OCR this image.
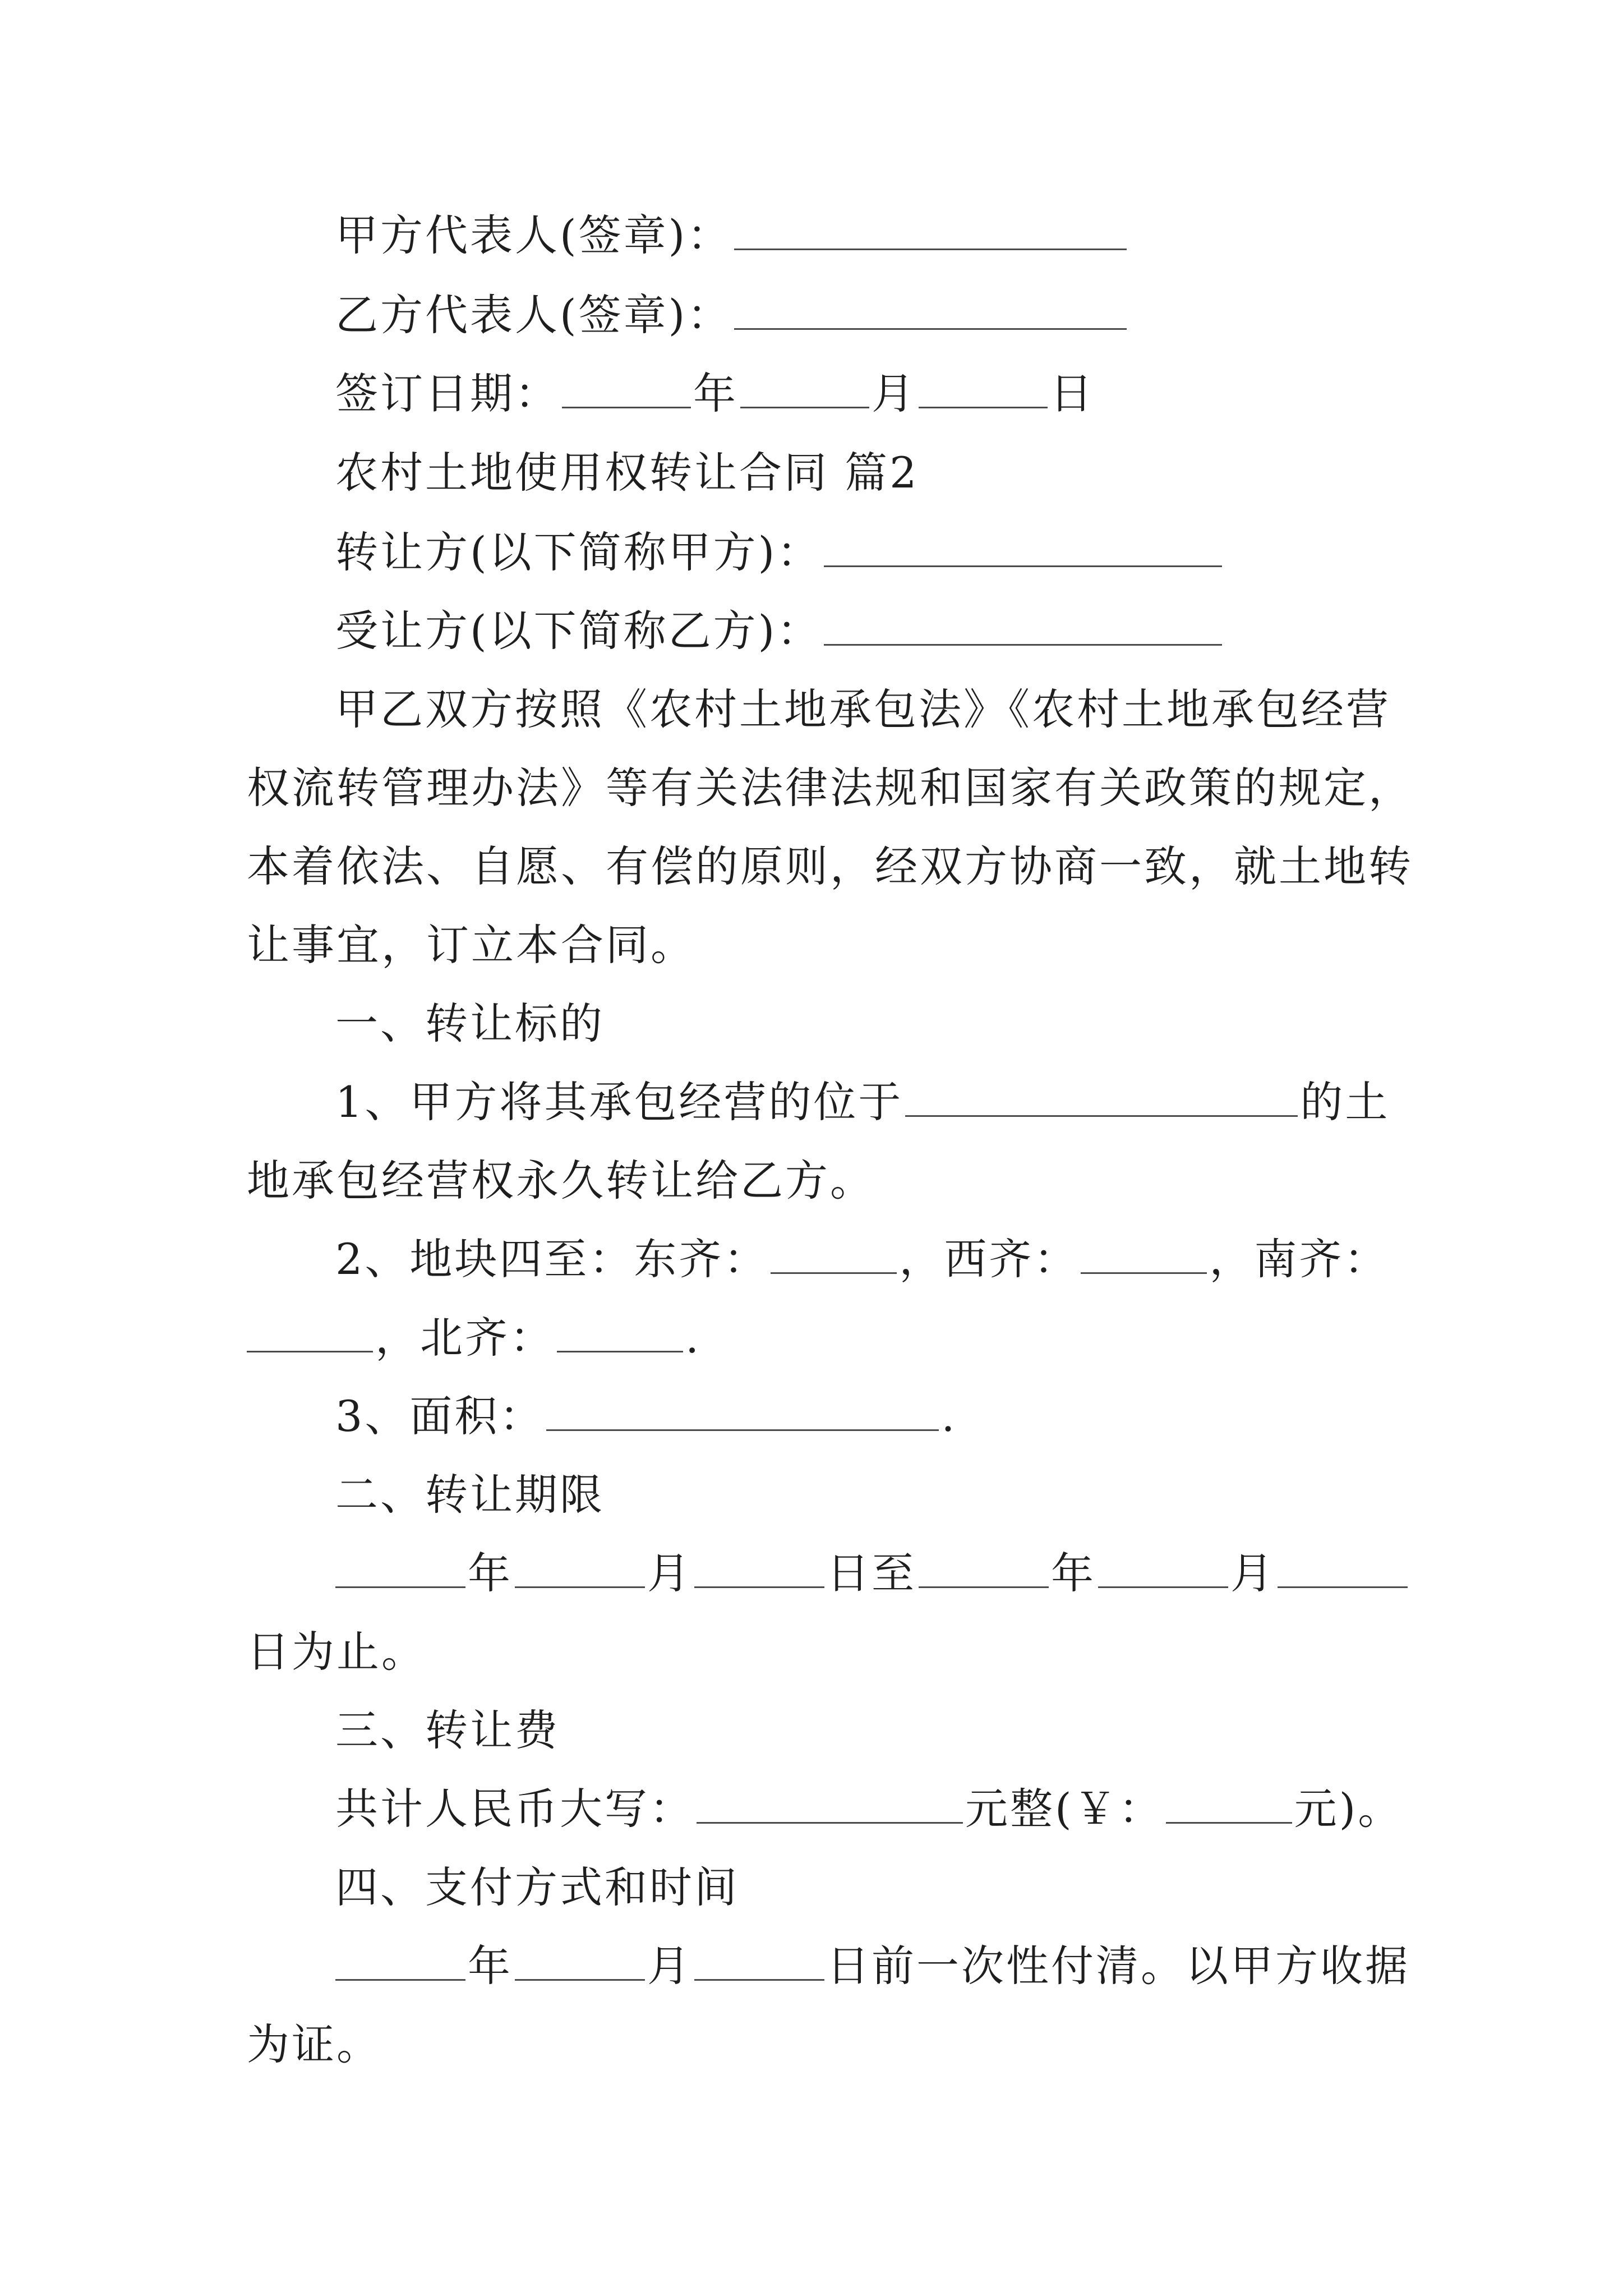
甲方代表人(签章)：
乙方代表人(签章)：
签订日期：	年	月	日
农村土地使用权转让合同 篇2
转让方(以下简称甲方)：
受让方(以下简称乙方)：
甲乙双方按照《农村土地承包法》《农村土地承包经营
权流转管理办法》等有关法律法规和国家有关政策的规定，
本着依法、自愿、有偿的原则，经双方协商一致，就土地转
让事宜，订立本合同。
一、转让标的
1、甲方将其承包经营的位于	的土
地承包经营权永久转让给乙方。
2、地块四至：东齐：	，西齐：	，南齐：
，北齐：	.
3、面积：	.
二、转让期限
年	月	日至	年	月
日为止。
三、转让费
共计人民币大写：	元整(￥：	元)。
四、支付方式和时间
年	月	日前一次性付清。以甲方收据
为证。
